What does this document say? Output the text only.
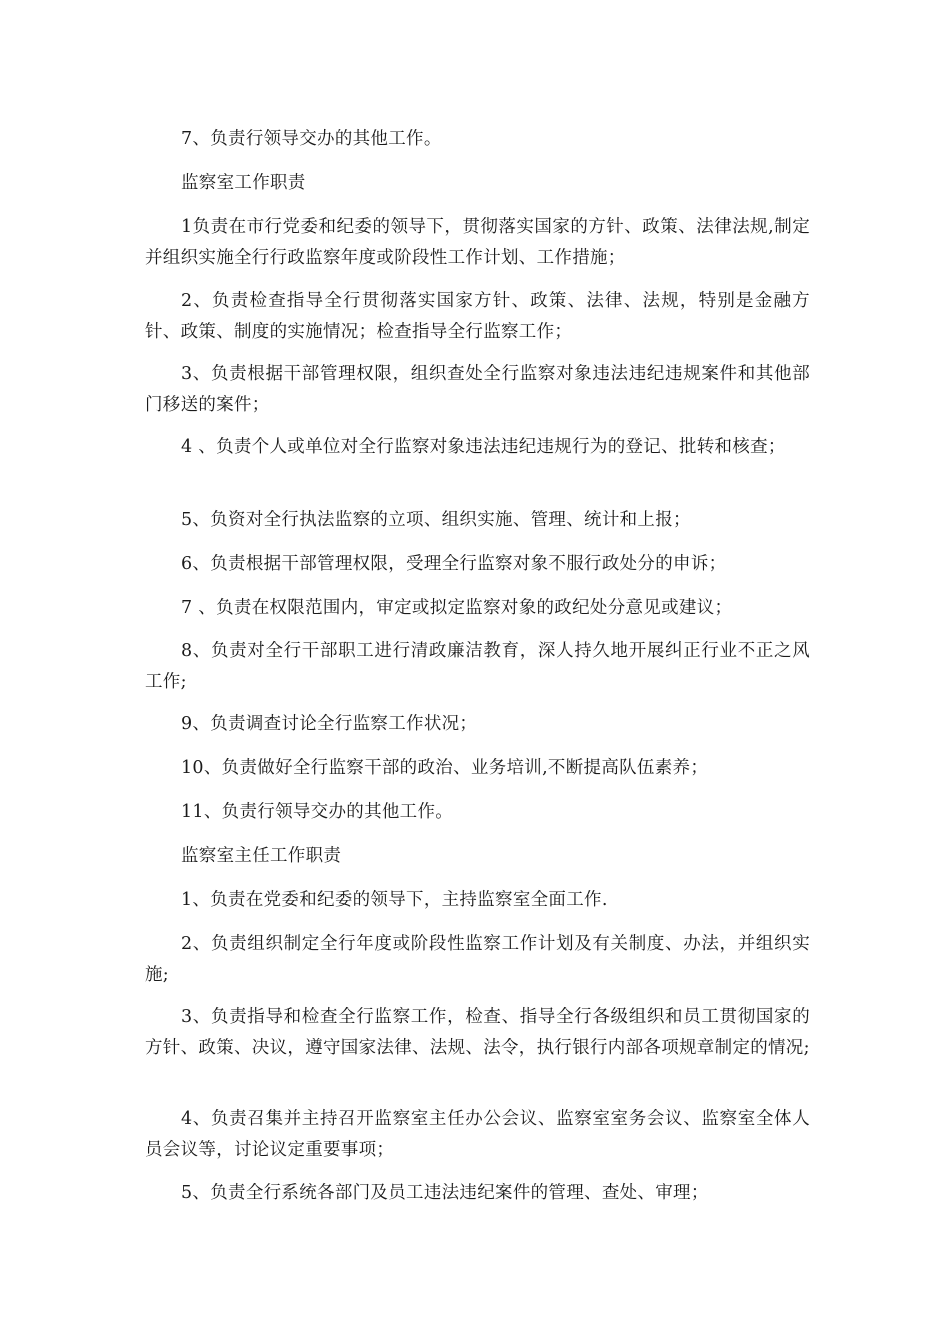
7、负责行领导交办的其他工作。

监察室工作职责

1负责在市行党委和纪委的领导下，贯彻落实国家的方针、政策、法律法规,制定并组织实施全行行政监察年度或阶段性工作计划、工作措施；

2、负责检查指导全行贯彻落实国家方针、政策、法律、法规，特别是金融方针、政策、制度的实施情况；检查指导全行监察工作；

3、负责根据干部管理权限，组织查处全行监察对象违法违纪违规案件和其他部门移送的案件；

4 、负责个人或单位对全行监察对象违法违纪违规行为的登记、批转和核查；

5、负资对全行执法监察的立项、组织实施、管理、统计和上报；

6、负责根据干部管理权限，受理全行监察对象不服行政处分的申诉；

7 、负责在权限范围内，审定或拟定监察对象的政纪处分意见或建议；

8、负责对全行干部职工进行清政廉洁教育，深人持久地开展纠正行业不正之风工作;

9、负责调查讨论全行监察工作状况；

10、负责做好全行监察干部的政治、业务培训,不断提高队伍素养；

11、负责行领导交办的其他工作。

监察室主任工作职责

1、负责在党委和纪委的领导下，主持监察室全面工作.

2、负责组织制定全行年度或阶段性监察工作计划及有关制度、办法，并组织实施;

3、负责指导和检查全行监察工作，检查、指导全行各级组织和员工贯彻国家的方针、政策、决议，遵守国家法律、法规、法令，执行银行内部各项规章制定的情况;

4、负责召集并主持召开监察室主任办公会议、监察室室务会议、监察室全体人员会议等，讨论议定重要事项；

5、负责全行系统各部门及员工违法违纪案件的管理、查处、审理；
